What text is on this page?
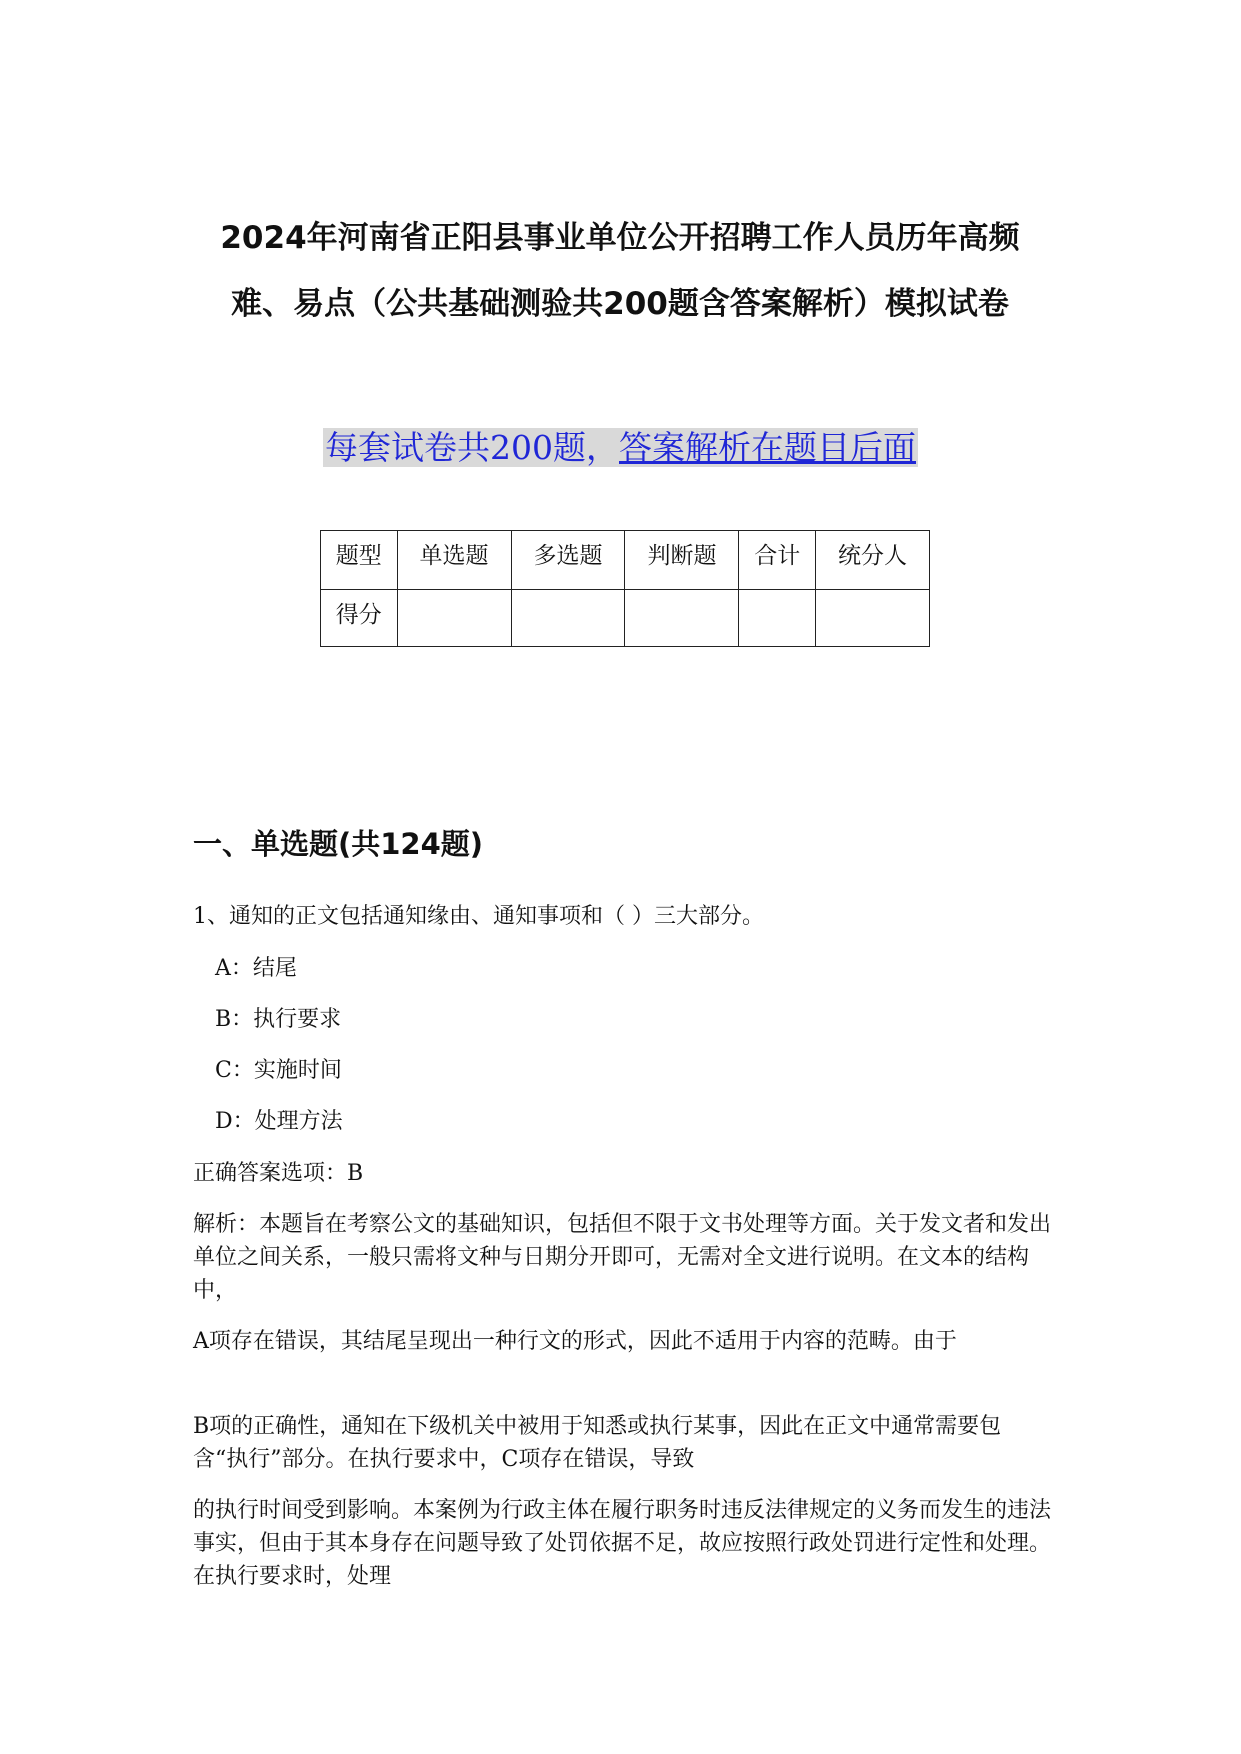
2024年河南省正阳县事业单位公开招聘工作人员历年高频
难、易点（公共基础测验共200题含答案解析）模拟试卷
每套试卷共200题，答案解析在题目后面
题型	单选题	多选题	判断题	合计	统分人
得分					
一、单选题(共124题)
1、通知的正文包括通知缘由、通知事项和（ ）三大部分。
A：结尾
B：执行要求
C：实施时间
D：处理方法
正确答案选项：B
解析：本题旨在考察公文的基础知识，包括但不限于文书处理等方面。关于发文者和发出单位之间关系，一般只需将文种与日期分开即可，无需对全文进行说明。在文本的结构中，
A项存在错误，其结尾呈现出一种行文的形式，因此不适用于内容的范畴。由于
B项的正确性，通知在下级机关中被用于知悉或执行某事，因此在正文中通常需要包含“执行”部分。在执行要求中，C项存在错误，导致
的执行时间受到影响。本案例为行政主体在履行职务时违反法律规定的义务而发生的违法事实，但由于其本身存在问题导致了处罚依据不足，故应按照行政处罚进行定性和处理。在执行要求时，处理
